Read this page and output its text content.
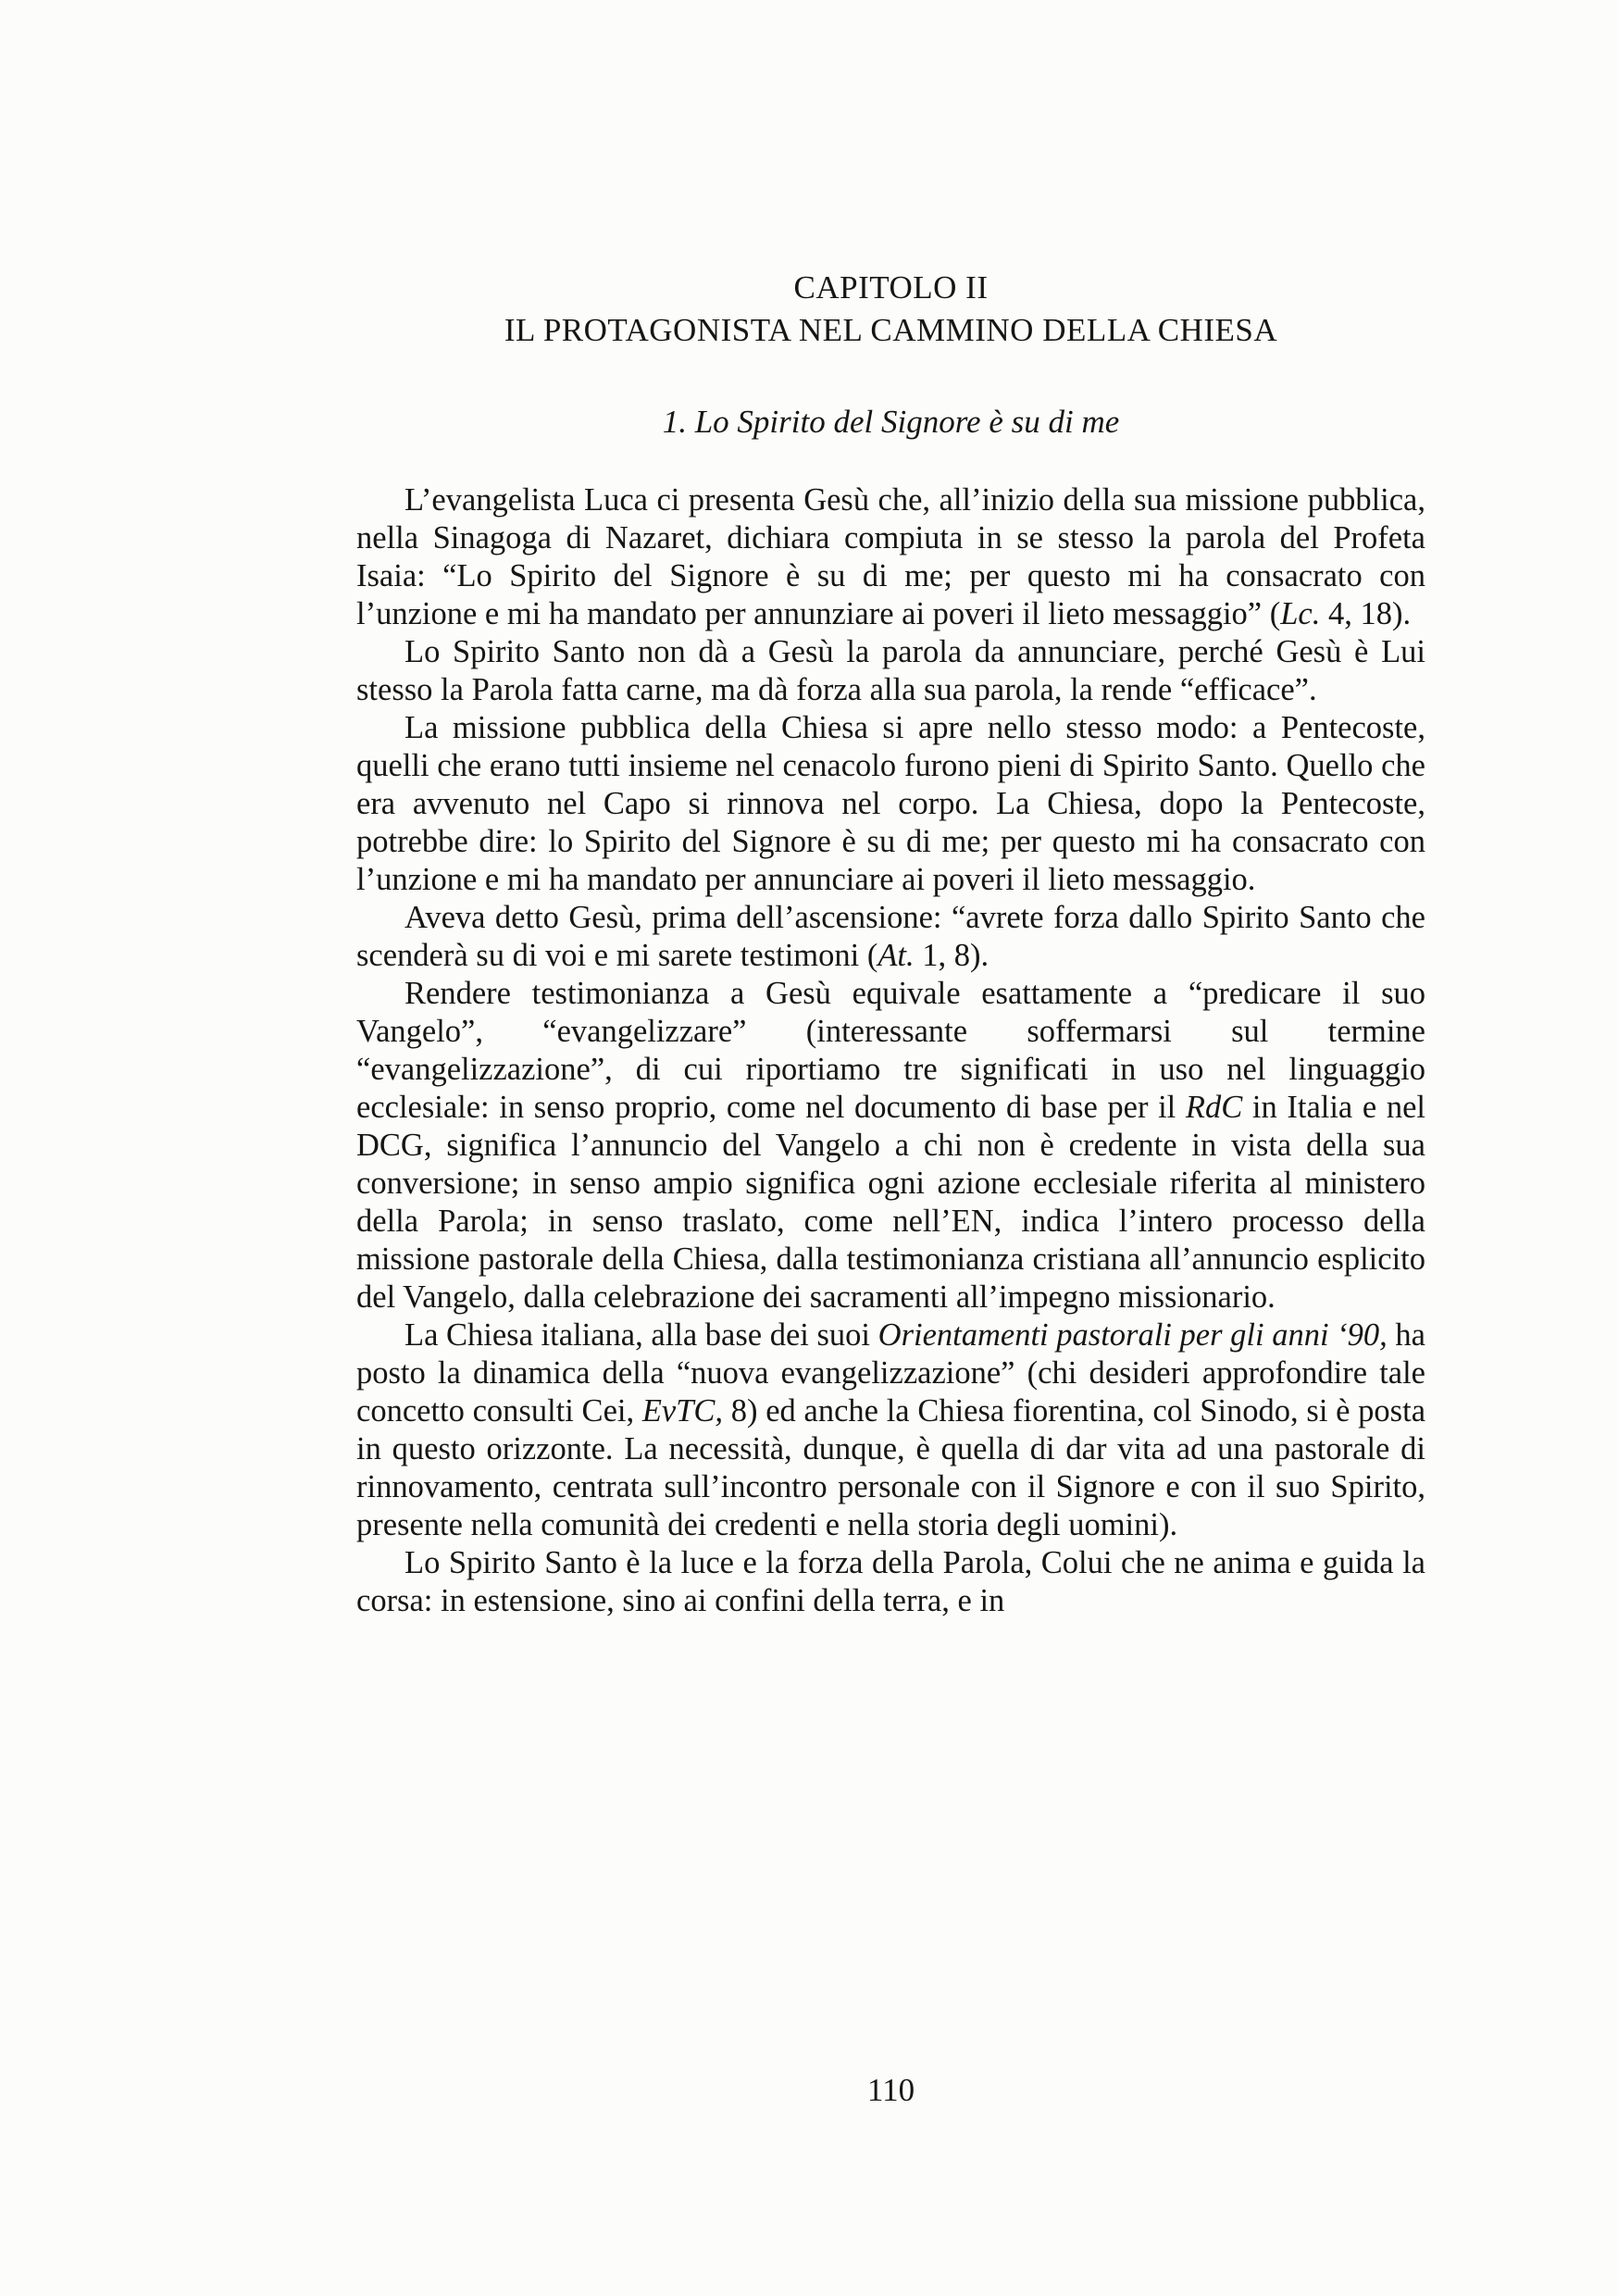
CAPITOLO II
IL PROTAGONISTA NEL CAMMINO DELLA CHIESA
1. Lo Spirito del Signore è su di me

L’evangelista Luca ci presenta Gesù che, all’inizio della sua missione pubblica, nella Sinagoga di Nazaret, dichiara compiuta in se stesso la parola del Profeta Isaia: “Lo Spirito del Signore è su di me; per questo mi ha consacrato con l’unzione e mi ha mandato per annunziare ai poveri il lieto messaggio” (Lc. 4, 18).

Lo Spirito Santo non dà a Gesù la parola da annunciare, perché Gesù è Lui stesso la Parola fatta carne, ma dà forza alla sua parola, la rende “efficace”.

La missione pubblica della Chiesa si apre nello stesso modo: a Pentecoste, quelli che erano tutti insieme nel cenacolo furono pieni di Spirito Santo. Quello che era avvenuto nel Capo si rinnova nel corpo. La Chiesa, dopo la Pentecoste, potrebbe dire: lo Spirito del Signore è su di me; per questo mi ha consacrato con l’unzione e mi ha mandato per annunciare ai poveri il lieto messaggio.

Aveva detto Gesù, prima dell’ascensione: “avrete forza dallo Spirito Santo che scenderà su di voi e mi sarete testimoni (At. 1, 8).

Rendere testimonianza a Gesù equivale esattamente a “predicare il suo Vangelo”, “evangelizzare” (interessante soffermarsi sul termine “evangelizzazione”, di cui riportiamo tre significati in uso nel linguaggio ecclesiale: in senso proprio, come nel documento di base per il RdC in Italia e nel DCG, significa l’annuncio del Vangelo a chi non è credente in vista della sua conversione; in senso ampio significa ogni azione ecclesiale riferita al ministero della Parola; in senso traslato, come nell’EN, indica l’intero processo della missione pastorale della Chiesa, dalla testimonianza cristiana all’annuncio esplicito del Vangelo, dalla celebrazione dei sacramenti all’impegno missionario.

La Chiesa italiana, alla base dei suoi Orientamenti pastorali per gli anni ‘90, ha posto la dinamica della “nuova evangelizzazione” (chi desideri approfondire tale concetto consulti Cei, EvTC, 8) ed anche la Chiesa fiorentina, col Sinodo, si è posta in questo orizzonte. La necessità, dunque, è quella di dar vita ad una pastorale di rinnovamento, centrata sull’incontro personale con il Signore e con il suo Spirito, presente nella comunità dei credenti e nella storia degli uomini).

Lo Spirito Santo è la luce e la forza della Parola, Colui che ne anima e guida la corsa: in estensione, sino ai confini della terra, e in

110
